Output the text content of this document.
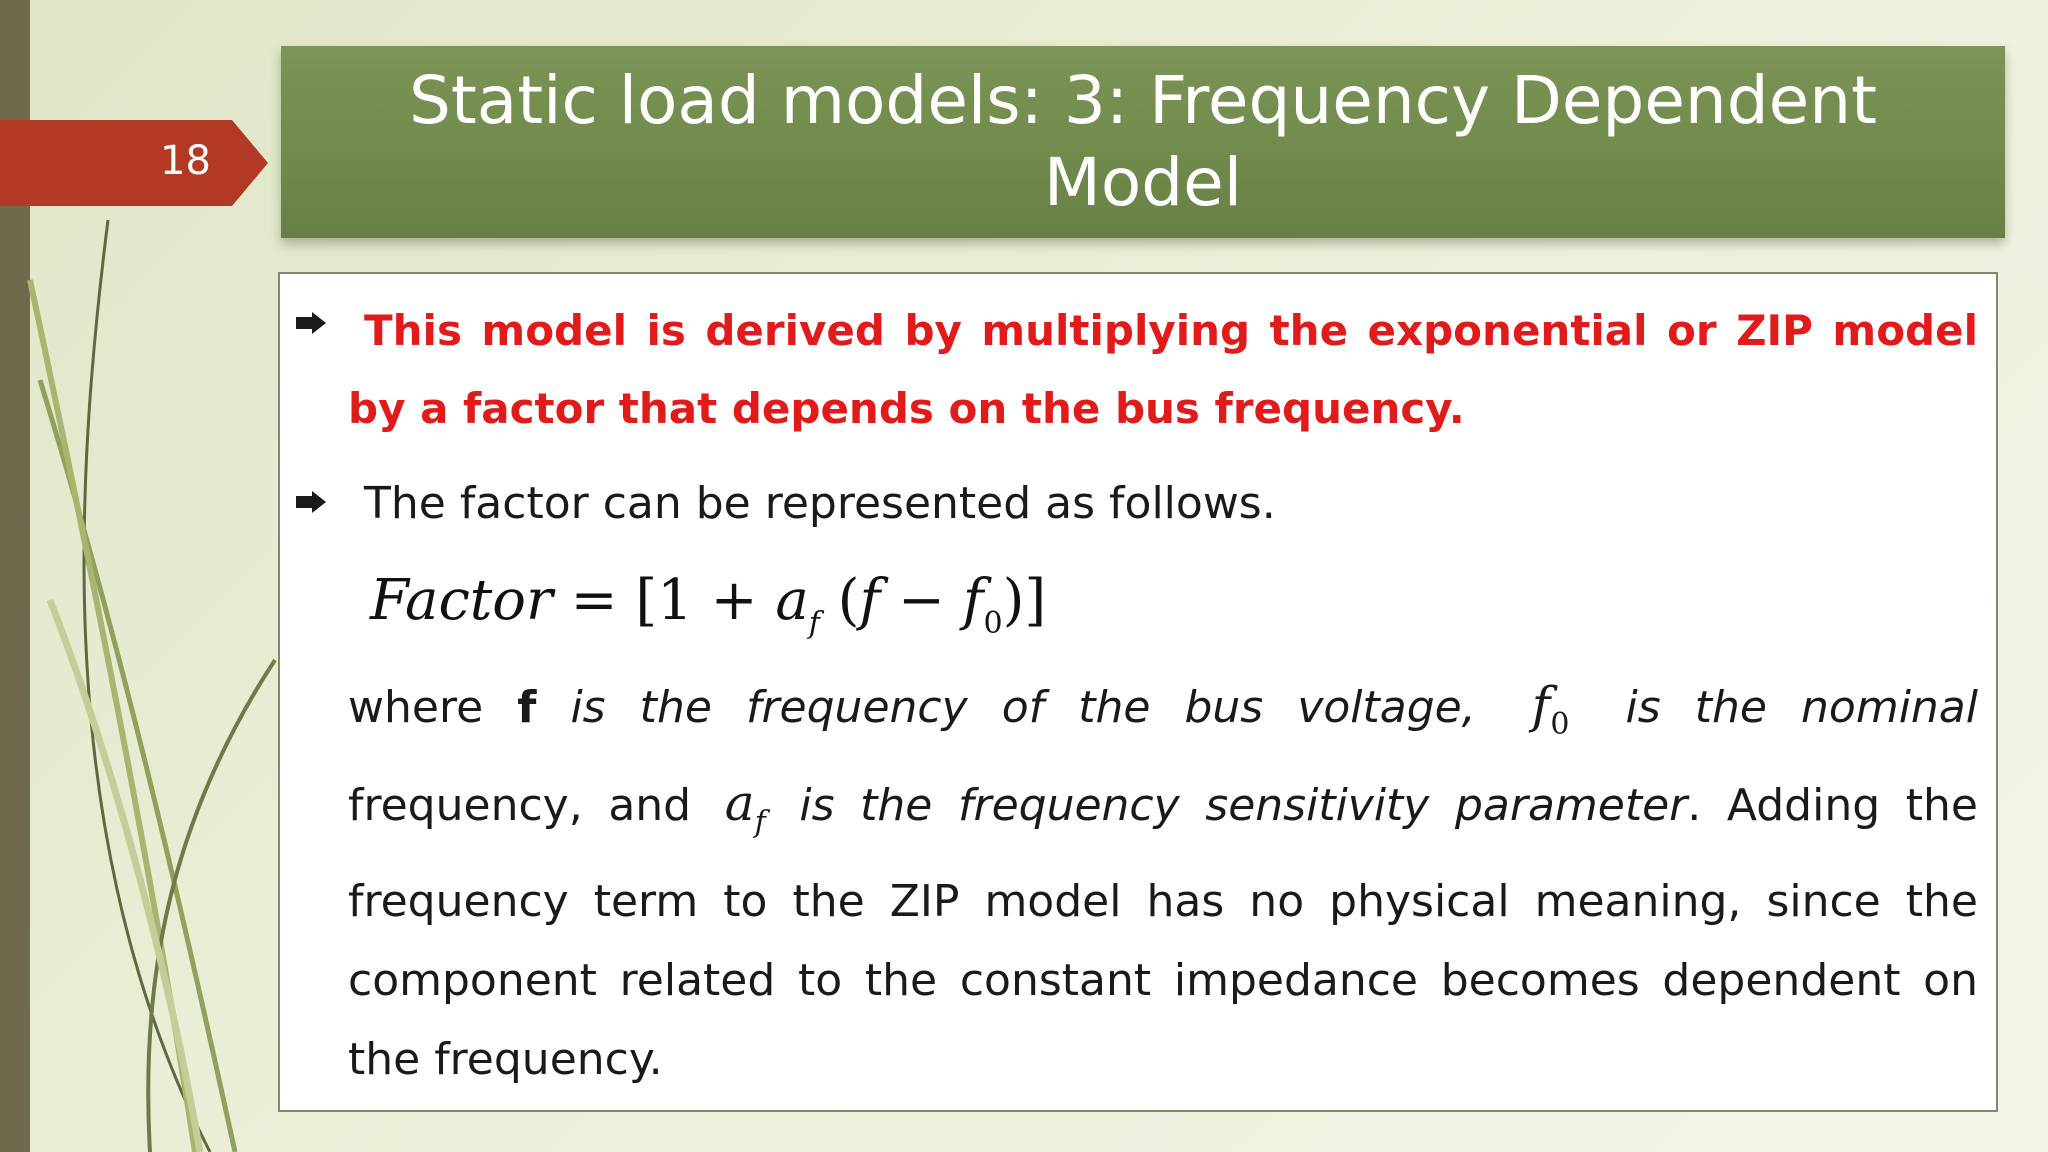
18
Static load models: 3: Frequency Dependent Model
This model is derived by multiplying the exponential or ZIP model by a factor that depends on the bus frequency.
The factor can be represented as follows.
Factor = [$1 + a_f$ $(f - f_0)$]
where f is the frequency of the bus voltage, $f_0$ is the nominal frequency, and $a_f$ is the frequency sensitivity parameter. Adding the frequency term to the ZIP model has no physical meaning, since the component related to the constant impedance becomes dependent on the frequency.
